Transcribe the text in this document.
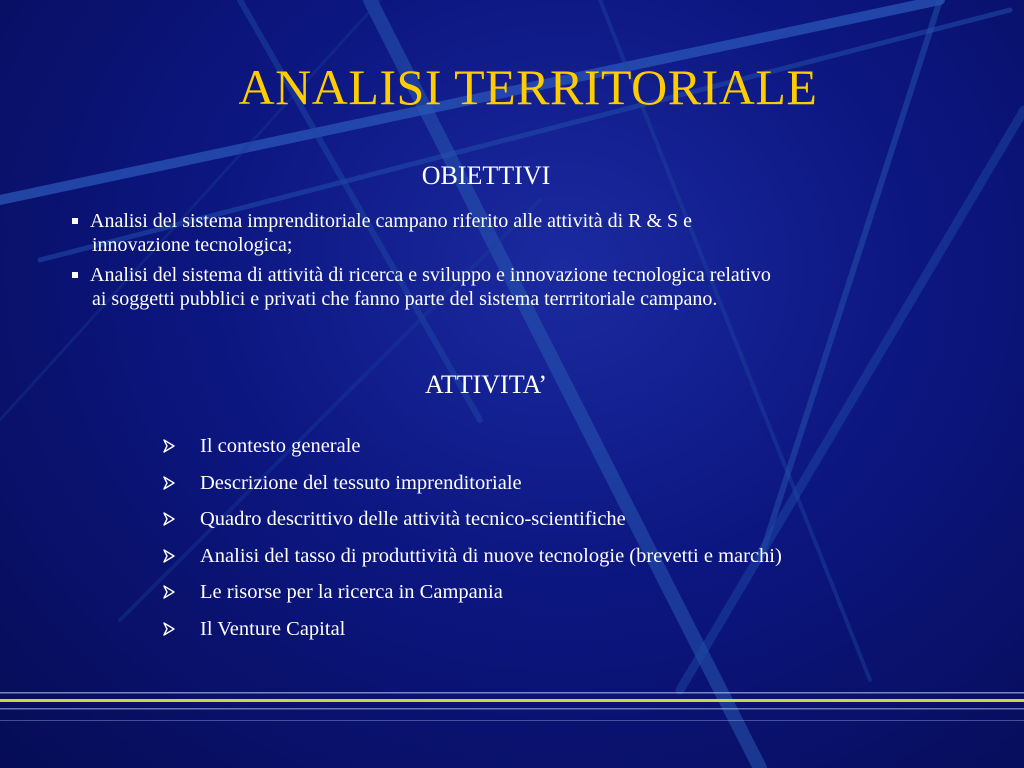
ANALISI TERRITORIALE
OBIETTIVI
Analisi del sistema imprenditoriale campano riferito alle attività di R & S e
innovazione tecnologica;
Analisi del sistema di attività di ricerca e sviluppo e innovazione tecnologica relativo
ai soggetti pubblici e privati che fanno parte del sistema terrritoriale campano.
ATTIVITA’
Il contesto generale
Descrizione del tessuto imprenditoriale
Quadro descrittivo delle attività tecnico-scientifiche
Analisi del tasso di produttività di nuove tecnologie (brevetti e marchi)
Le risorse per la ricerca in Campania
Il Venture Capital
